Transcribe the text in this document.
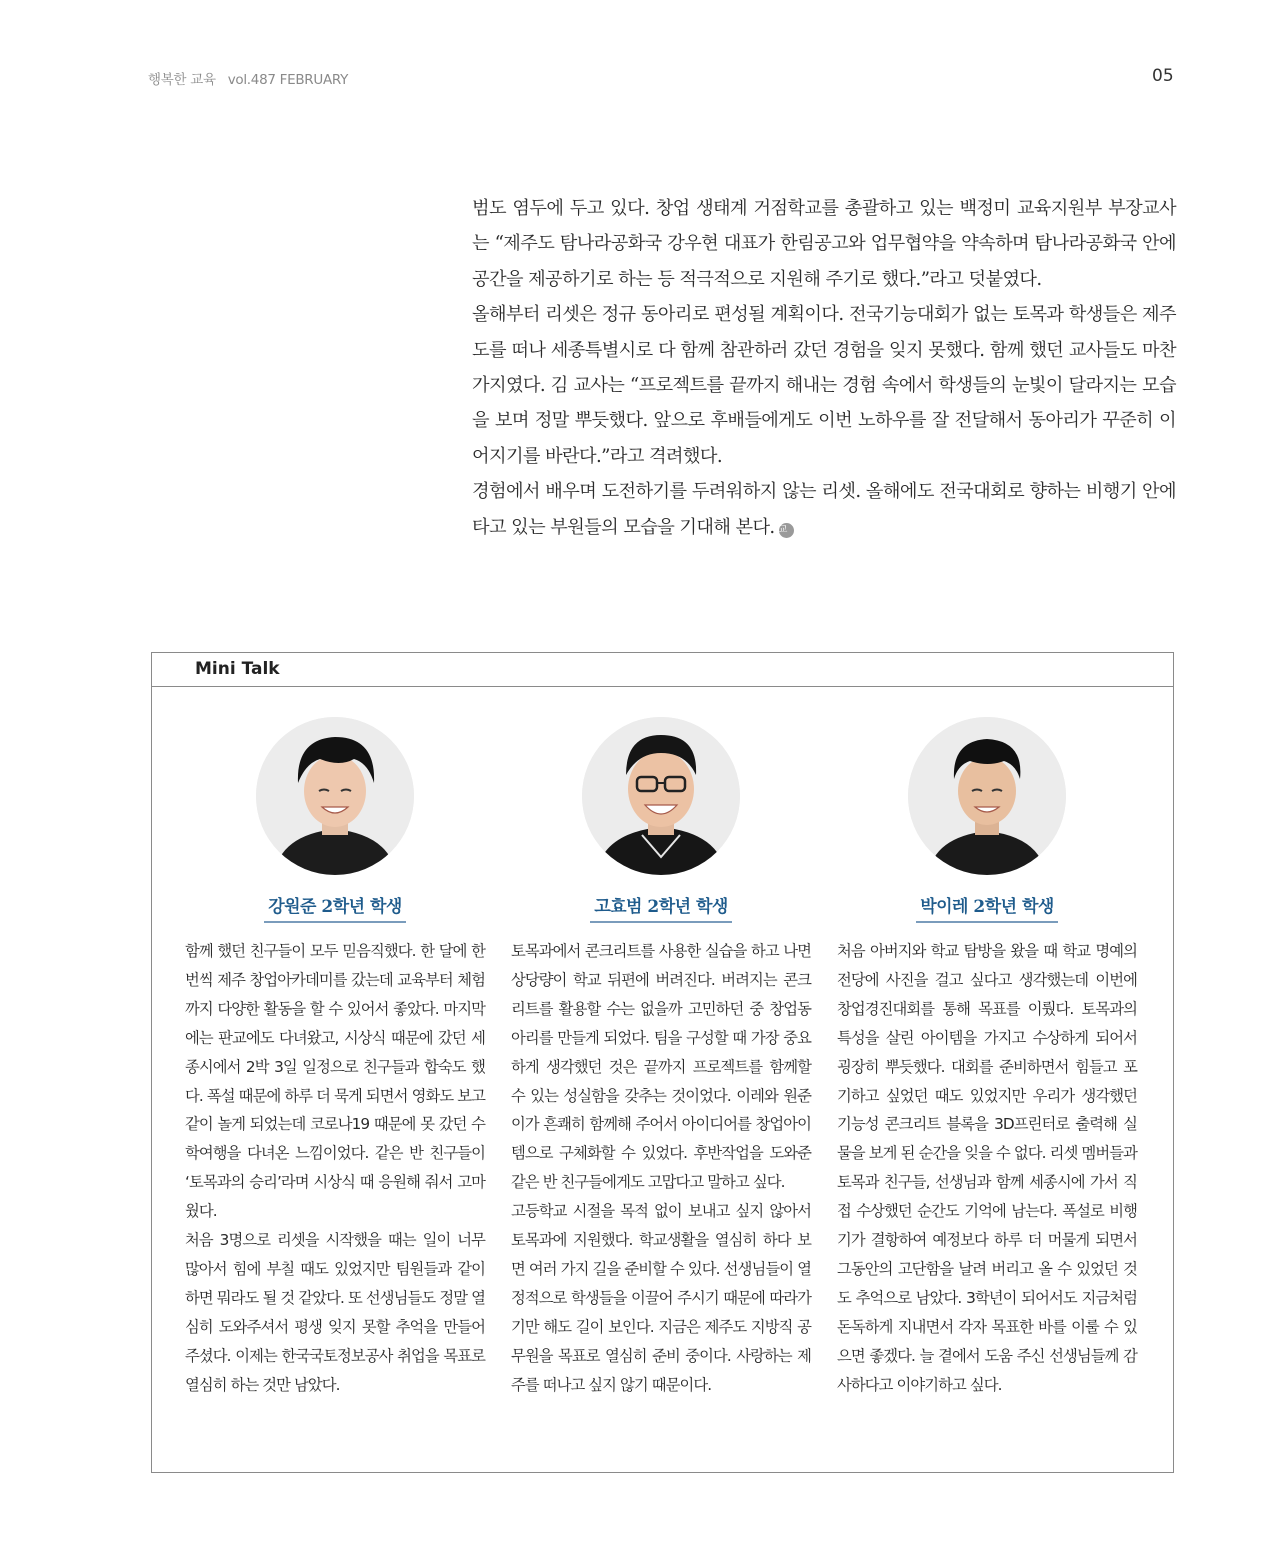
행복한 교육 vol.487 FEBRUARY	05

범도 염두에 두고 있다. 창업 생태계 거점학교를 총괄하고 있는 백정미 교육지원부 부장교사는 “제주도 탐나라공화국 강우현 대표가 한림공고와 업무협약을 약속하며 탐나라공화국 안에 공간을 제공하기로 하는 등 적극적으로 지원해 주기로 했다.”라고 덧붙였다.

올해부터 리셋은 정규 동아리로 편성될 계획이다. 전국기능대회가 없는 토목과 학생들은 제주도를 떠나 세종특별시로 다 함께 참관하러 갔던 경험을 잊지 못했다. 함께 했던 교사들도 마찬가지였다. 김 교사는 “프로젝트를 끝까지 해내는 경험 속에서 학생들의 눈빛이 달라지는 모습을 보며 정말 뿌듯했다. 앞으로 후배들에게도 이번 노하우를 잘 전달해서 동아리가 꾸준히 이어지기를 바란다.”라고 격려했다.

경험에서 배우며 도전하기를 두려워하지 않는 리셋. 올해에도 전국대회로 향하는 비행기 안에 타고 있는 부원들의 모습을 기대해 본다. 교

Mini Talk
강원준 2학년 학생

함께 했던 친구들이 모두 믿음직했다. 한 달에 한 번씩 제주 창업아카데미를 갔는데 교육부터 체험까지 다양한 활동을 할 수 있어서 좋았다. 마지막에는 판교에도 다녀왔고, 시상식 때문에 갔던 세종시에서 2박 3일 일정으로 친구들과 합숙도 했다. 폭설 때문에 하루 더 묵게 되면서 영화도 보고 같이 놀게 되었는데 코로나19 때문에 못 갔던 수학여행을 다녀온 느낌이었다. 같은 반 친구들이 ‘토목과의 승리’라며 시상식 때 응원해 줘서 고마웠다.

처음 3명으로 리셋을 시작했을 때는 일이 너무 많아서 힘에 부칠 때도 있었지만 팀원들과 같이하면 뭐라도 될 것 같았다. 또 선생님들도 정말 열심히 도와주셔서 평생 잊지 못할 추억을 만들어 주셨다. 이제는 한국국토정보공사 취업을 목표로 열심히 하는 것만 남았다.

고효범 2학년 학생

토목과에서 콘크리트를 사용한 실습을 하고 나면 상당량이 학교 뒤편에 버려진다. 버려지는 콘크리트를 활용할 수는 없을까 고민하던 중 창업동아리를 만들게 되었다. 팀을 구성할 때 가장 중요하게 생각했던 것은 끝까지 프로젝트를 함께할 수 있는 성실함을 갖추는 것이었다. 이레와 원준이가 흔쾌히 함께해 주어서 아이디어를 창업아이템으로 구체화할 수 있었다. 후반작업을 도와준 같은 반 친구들에게도 고맙다고 말하고 싶다.

고등학교 시절을 목적 없이 보내고 싶지 않아서 토목과에 지원했다. 학교생활을 열심히 하다 보면 여러 가지 길을 준비할 수 있다. 선생님들이 열정적으로 학생들을 이끌어 주시기 때문에 따라가기만 해도 길이 보인다. 지금은 제주도 지방직 공무원을 목표로 열심히 준비 중이다. 사랑하는 제주를 떠나고 싶지 않기 때문이다.

박이레 2학년 학생

처음 아버지와 학교 탐방을 왔을 때 학교 명예의 전당에 사진을 걸고 싶다고 생각했는데 이번에 창업경진대회를 통해 목표를 이뤘다. 토목과의 특성을 살린 아이템을 가지고 수상하게 되어서 굉장히 뿌듯했다. 대회를 준비하면서 힘들고 포기하고 싶었던 때도 있었지만 우리가 생각했던 기능성 콘크리트 블록을 3D프린터로 출력해 실물을 보게 된 순간을 잊을 수 없다. 리셋 멤버들과 토목과 친구들, 선생님과 함께 세종시에 가서 직접 수상했던 순간도 기억에 남는다. 폭설로 비행기가 결항하여 예정보다 하루 더 머물게 되면서 그동안의 고단함을 날려 버리고 올 수 있었던 것도 추억으로 남았다. 3학년이 되어서도 지금처럼 돈독하게 지내면서 각자 목표한 바를 이룰 수 있으면 좋겠다. 늘 곁에서 도움 주신 선생님들께 감사하다고 이야기하고 싶다.
